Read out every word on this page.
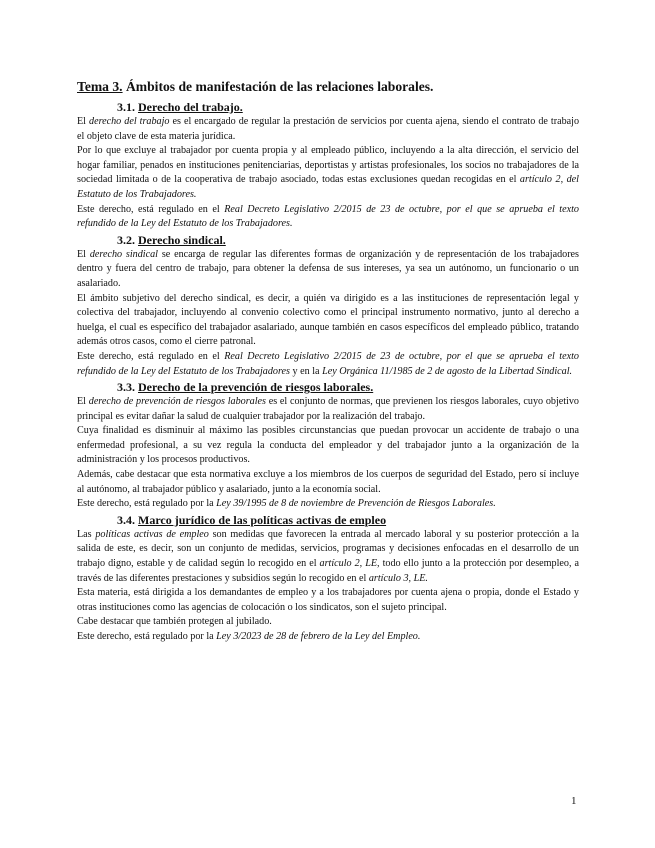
Tema 3. Ámbitos de manifestación de las relaciones laborales.
3.1. Derecho del trabajo.

El derecho del trabajo es el encargado de regular la prestación de servicios por cuenta ajena, siendo el contrato de trabajo el objeto clave de esta materia jurídica.

Por lo que excluye al trabajador por cuenta propia y al empleado público, incluyendo a la alta dirección, el servicio del hogar familiar, penados en instituciones penitenciarias, deportistas y artistas profesionales, los socios no trabajadores de la sociedad limitada o de la cooperativa de trabajo asociado, todas estas exclusiones quedan recogidas en el artículo 2, del Estatuto de los Trabajadores.

Este derecho, está regulado en el Real Decreto Legislativo 2/2015 de 23 de octubre, por el que se aprueba el texto refundido de la Ley del Estatuto de los Trabajadores.

3.2. Derecho sindical.

El derecho sindical se encarga de regular las diferentes formas de organización y de representación de los trabajadores dentro y fuera del centro de trabajo, para obtener la defensa de sus intereses, ya sea un autónomo, un funcionario o un asalariado.

El ámbito subjetivo del derecho sindical, es decir, a quién va dirigido es a las instituciones de representación legal y colectiva del trabajador, incluyendo al convenio colectivo como el principal instrumento normativo, junto al derecho a huelga, el cual es específico del trabajador asalariado, aunque también en casos específicos del empleado público, tratando además otros casos, como el cierre patronal.

Este derecho, está regulado en el Real Decreto Legislativo 2/2015 de 23 de octubre, por el que se aprueba el texto refundido de la Ley del Estatuto de los Trabajadores y en la Ley Orgánica 11/1985 de 2 de agosto de la Libertad Sindical.

3.3. Derecho de la prevención de riesgos laborales.

El derecho de prevención de riesgos laborales es el conjunto de normas, que previenen los riesgos laborales, cuyo objetivo principal es evitar dañar la salud de cualquier trabajador por la realización del trabajo.

Cuya finalidad es disminuir al máximo las posibles circunstancias que puedan provocar un accidente de trabajo o una enfermedad profesional, a su vez regula la conducta del empleador y del trabajador junto a la organización de la administración y los procesos productivos.

Además, cabe destacar que esta normativa excluye a los miembros de los cuerpos de seguridad del Estado, pero sí incluye al autónomo, al trabajador público y asalariado, junto a la economía social.

Este derecho, está regulado por la Ley 39/1995 de 8 de noviembre de Prevención de Riesgos Laborales.

3.4. Marco jurídico de las políticas activas de empleo

Las políticas activas de empleo son medidas que favorecen la entrada al mercado laboral y su posterior protección a la salida de este, es decir, son un conjunto de medidas, servicios, programas y decisiones enfocadas en el desarrollo de un trabajo digno, estable y de calidad según lo recogido en el artículo 2, LE, todo ello junto a la protección por desempleo, a través de las diferentes prestaciones y subsidios según lo recogido en el artículo 3, LE.

Esta materia, está dirigida a los demandantes de empleo y a los trabajadores por cuenta ajena o propia, donde el Estado y otras instituciones como las agencias de colocación o los sindicatos, son el sujeto principal.

Cabe destacar que también protegen al jubilado.

Este derecho, está regulado por la Ley 3/2023 de 28 de febrero de la Ley del Empleo.

1
